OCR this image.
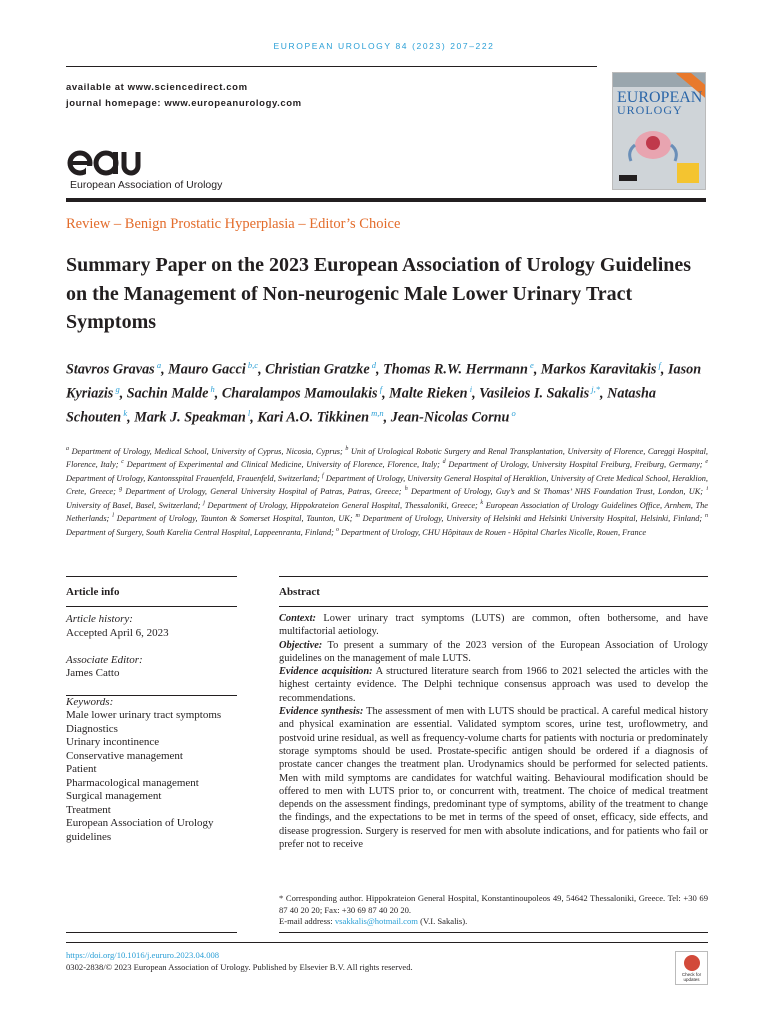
EUROPEAN UROLOGY 84 (2023) 207–222
available at www.sciencedirect.com
journal homepage: www.europeanurology.com
European Association of Urology
EUROPEAN
UROLOGY
Review – Benign Prostatic Hyperplasia – Editor’s Choice
Summary Paper on the 2023 European Association of Urology Guidelines on the Management of Non-neurogenic Male Lower Urinary Tract Symptoms
Stavros Gravas $^a$, Mauro Gacci $^{b,c}$, Christian Gratzke $^d$, Thomas R.W. Herrmann $^e$, Markos Karavitakis $^f$, Iason Kyriazis $^g$, Sachin Malde $^h$, Charalampos Mamoulakis $^f$, Malte Rieken $^i$, Vasileios I. Sakalis $^{j,*}$, Natasha Schouten $^k$, Mark J. Speakman $^l$, Kari A.O. Tikkinen $^{m,n}$, Jean-Nicolas Cornu $^o$
$^a$ Department of Urology, Medical School, University of Cyprus, Nicosia, Cyprus; $^b$ Unit of Urological Robotic Surgery and Renal Transplantation, University of Florence, Careggi Hospital, Florence, Italy; $^c$ Department of Experimental and Clinical Medicine, University of Florence, Florence, Italy; $^d$ Department of Urology, University Hospital Freiburg, Freiburg, Germany; $^e$ Department of Urology, Kantonsspital Frauenfeld, Frauenfeld, Switzerland; $^f$ Department of Urology, University General Hospital of Heraklion, University of Crete Medical School, Heraklion, Crete, Greece; $^g$ Department of Urology, General University Hospital of Patras, Patras, Greece; $^h$ Department of Urology, Guy’s and St Thomas’ NHS Foundation Trust, London, UK; $^i$ University of Basel, Basel, Switzerland; $^j$ Department of Urology, Hippokrateion General Hospital, Thessaloniki, Greece; $^k$ European Association of Urology Guidelines Office, Arnhem, The Netherlands; $^l$ Department of Urology, Taunton & Somerset Hospital, Taunton, UK; $^m$ Department of Urology, University of Helsinki and Helsinki University Hospital, Helsinki, Finland; $^n$ Department of Surgery, South Karelia Central Hospital, Lappeenranta, Finland; $^o$ Department of Urology, CHU Hôpitaux de Rouen - Hôpital Charles Nicolle, Rouen, France
Article info
Article history:
Accepted April 6, 2023
Associate Editor:
James Catto
Keywords:
Male lower urinary tract symptoms
Diagnostics
Urinary incontinence
Conservative management
Patient
Pharmacological management
Surgical management
Treatment
European Association of Urology guidelines
Abstract

Context: Lower urinary tract symptoms (LUTS) are common, often bothersome, and have multifactorial aetiology.

Objective: To present a summary of the 2023 version of the European Association of Urology guidelines on the management of male LUTS.

Evidence acquisition: A structured literature search from 1966 to 2021 selected the articles with the highest certainty evidence. The Delphi technique consensus approach was used to develop the recommendations.

Evidence synthesis: The assessment of men with LUTS should be practical. A careful medical history and physical examination are essential. Validated symptom scores, urine test, uroflowmetry, and postvoid urine residual, as well as frequency-volume charts for patients with nocturia or predominately storage symptoms should be used. Prostate-specific antigen should be ordered if a diagnosis of prostate cancer changes the treatment plan. Urodynamics should be performed for selected patients. Men with mild symptoms are candidates for watchful waiting. Behavioural modification should be offered to men with LUTS prior to, or concurrent with, treatment. The choice of medical treatment depends on the assessment findings, predominant type of symptoms, ability of the treatment to change the findings, and the expectations to be met in terms of the speed of onset, efficacy, side effects, and disease progression. Surgery is reserved for men with absolute indications, and for patients who fail or prefer not to receive

* Corresponding author. Hippokrateion General Hospital, Konstantinoupoleos 49, 54642 Thessaloniki, Greece. Tel: +30 69 87 40 20 20; Fax: +30 69 87 40 20 20.
E-mail address: vsakkalis@hotmail.com (V.I. Sakalis).
https://doi.org/10.1016/j.eururo.2023.04.008
0302-2838/© 2023 European Association of Urology. Published by Elsevier B.V. All rights reserved.
Check for updates
